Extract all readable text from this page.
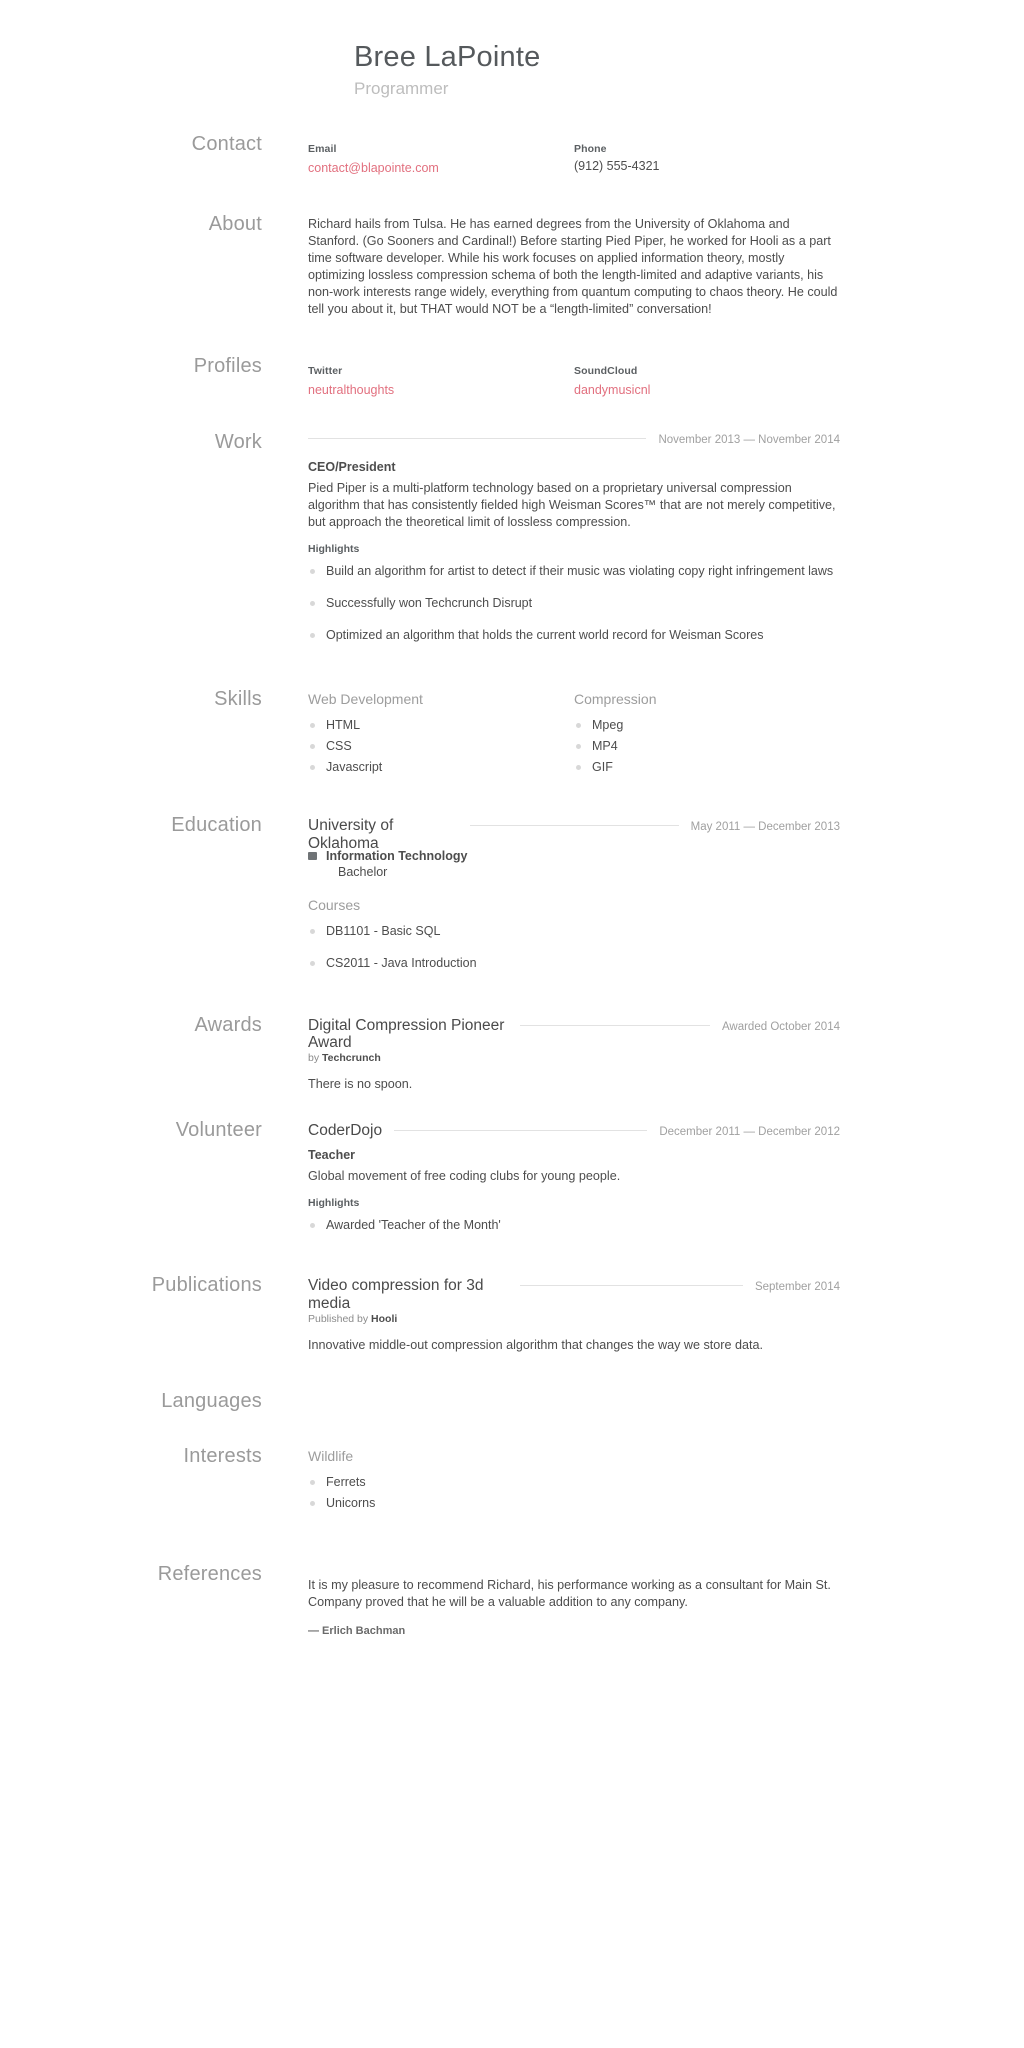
Bree LaPointe
Programmer
Contact	Email
contact@blapointe.com
Phone
(912) 555-4321
About	Richard hails from Tulsa. He has earned degrees from the University of Oklahoma and Stanford. (Go Sooners and Cardinal!) Before starting Pied Piper, he worked for Hooli as a part time software developer. While his work focuses on applied information theory, mostly optimizing lossless compression schema of both the length-limited and adaptive variants, his non-work interests range widely, everything from quantum computing to chaos theory. He could tell you about it, but THAT would NOT be a “length-limited” conversation!

Profiles	Twitter
neutralthoughts
SoundCloud
dandymusicnl
Work	November 2013 — November 2014
CEO/President

Pied Piper is a multi-platform technology based on a proprietary universal compression algorithm that has consistently fielded high Weisman Scores™ that are not merely competitive, but approach the theoretical limit of lossless compression.

Highlights
Build an algorithm for artist to detect if their music was violating copy right infringement laws
Successfully won Techcrunch Disrupt
Optimized an algorithm that holds the current world record for Weisman Scores
Skills	Web Development
HTML
CSS
Javascript
Compression
Mpeg
MP4
GIF
Education	University of Oklahoma
May 2011 — December 2013
Information Technology
Bachelor
Courses
DB1101 - Basic SQL
CS2011 - Java Introduction
Awards	Digital Compression Pioneer Award
Awarded October 2014
by Techcrunch

There is no spoon.

Volunteer	CoderDojo	December 2011 — December 2012
Teacher

Global movement of free coding clubs for young people.

Highlights
Awarded 'Teacher of the Month'
Publications	Video compression for 3d media
September 2014
Published by Hooli

Innovative middle-out compression algorithm that changes the way we store data.

Languages
Interests	Wildlife
Ferrets
Unicorns
References	It is my pleasure to recommend Richard, his performance working as a consultant for Main St. Company proved that he will be a valuable addition to any company.

— Erlich Bachman
